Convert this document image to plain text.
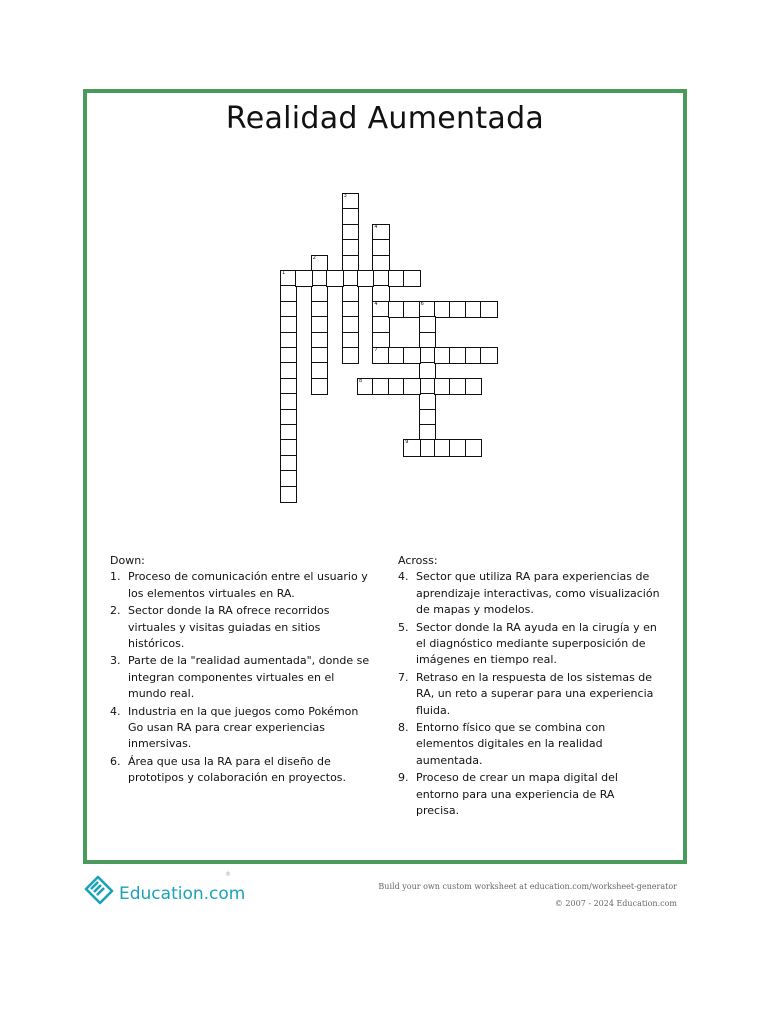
Realidad Aumentada
1
2
3
4
4	6
7
8
9
Down:
1. Proceso de comunicación entre el usuario y los elementos virtuales en RA.
2. Sector donde la RA ofrece recorridos virtuales y visitas guiadas en sitios históricos.
3. Parte de la "realidad aumentada", donde se integran componentes virtuales en el mundo real.
4. Industria en la que juegos como Pokémon Go usan RA para crear experiencias inmersivas.
6. Área que usa la RA para el diseño de prototipos y colaboración en proyectos.
Across:
4. Sector que utiliza RA para experiencias de aprendizaje interactivas, como visualización de mapas y modelos.
5. Sector donde la RA ayuda en la cirugía y en el diagnóstico mediante superposición de imágenes en tiempo real.
7. Retraso en la respuesta de los sistemas de RA, un reto a superar para una experiencia fluida.
8. Entorno físico que se combina con elementos digitales en la realidad aumentada.
9. Proceso de crear un mapa digital del entorno para una experiencia de RA precisa.
Education.com
®
Build your own custom worksheet at education.com/worksheet-generator
© 2007 - 2024 Education.com
